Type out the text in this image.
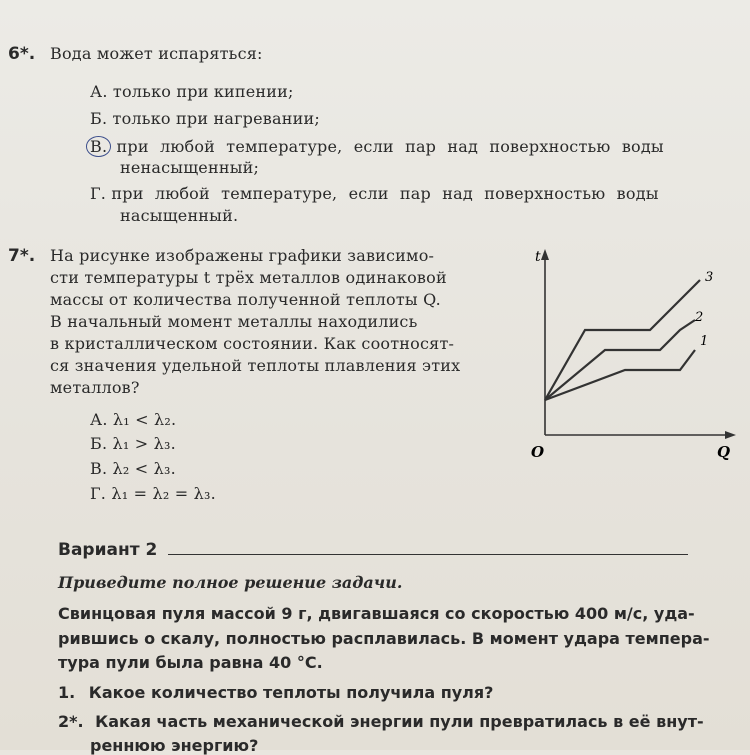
6*. Вода может испаряться:
А. только при кипении;
Б. только при нагревании;
В. при любой температуре, если пар над поверхностью воды
ненасыщенный;
Г. при любой температуре, если пар над поверхностью воды
насыщенный.
7*. На рисунке изображены графики зависимо-
сти температуры t трёх металлов одинаковой
массы от количества полученной теплоты Q.
В начальный момент металлы находились
в кристаллическом состоянии. Как соотносят-
ся значения удельной теплоты плавления этих
металлов?
А. λ₁ < λ₂.
Б. λ₁ > λ₃.
В. λ₂ < λ₃.
Г. λ₁ = λ₂ = λ₃.
t
Q
O
3
2
1
Вариант 2
Приведите полное решение задачи.
Свинцовая пуля массой 9 г, двигавшаяся со скоростью 400 м/с, уда-
рившись о скалу, полностью расплавилась. В момент удара темпера-
тура пули была равна 40 °C.
1. Какое количество теплоты получила пуля?
2*. Какая часть механической энергии пули превратилась в её внут-
реннюю энергию?
